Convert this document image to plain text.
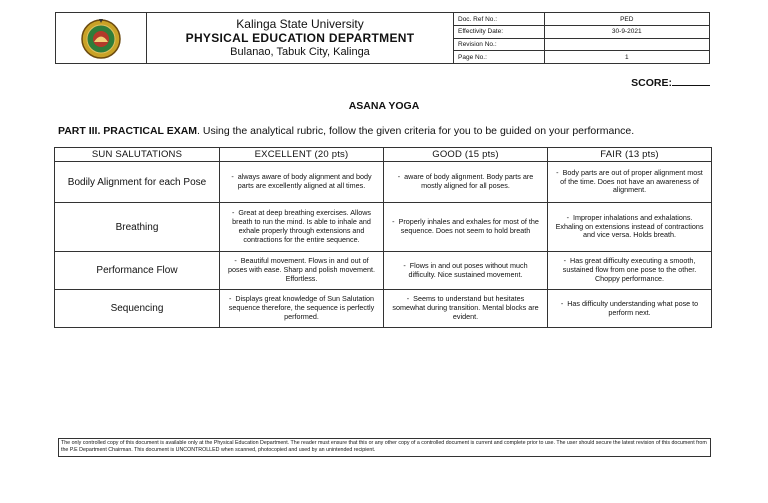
Kalinga State University
PHYSICAL EDUCATION DEPARTMENT
Bulanao, Tabuk City, Kalinga
Doc. Ref No.:	PED
Effectivity Date:	30-9-2021
Revision No.:	
Page No.:	1
SCORE:
ASANA YOGA
PART III. PRACTICAL EXAM. Using the analytical rubric, follow the given criteria for you to be guided on your performance.
SUN SALUTATIONS	EXCELLENT (20 pts)	GOOD (15 pts)	FAIR (13 pts)
Bodily Alignment for each Pose	- always aware of body alignment and body parts are excellently aligned at all times.	- aware of body alignment. Body parts are mostly aligned for all poses.	- Body parts are out of proper alignment most of the time. Does not have an awareness of alignment.
Breathing	- Great at deep breathing exercises. Allows breath to run the mind. Is able to inhale and exhale properly through extensions and contractions for the entire sequence.	- Properly inhales and exhales for most of the sequence. Does not seem to hold breath	- Improper inhalations and exhalations. Exhaling on extensions instead of contractions and vice versa. Holds breath.
Performance Flow	- Beautiful movement. Flows in and out of poses with ease. Sharp and polish movement. Effortless.	- Flows in and out poses without much difficulty. Nice sustained movement.	- Has great difficulty executing a smooth, sustained flow from one pose to the other. Choppy performance.
Sequencing	- Displays great knowledge of Sun Salutation sequence therefore, the sequence is perfectly performed.	- Seems to understand but hesitates somewhat during transition. Mental blocks are evident.	- Has difficulty understanding what pose to perform next.
The only controlled copy of this document is available only at the Physical Education Department. The reader must ensure that this or any other copy of a controlled document is current and complete prior to use. The user should secure the latest revision of this document from the P.E Department Chairman. This document is UNCONTROLLED when scanned, photocopied and used by an unintended recipient.
